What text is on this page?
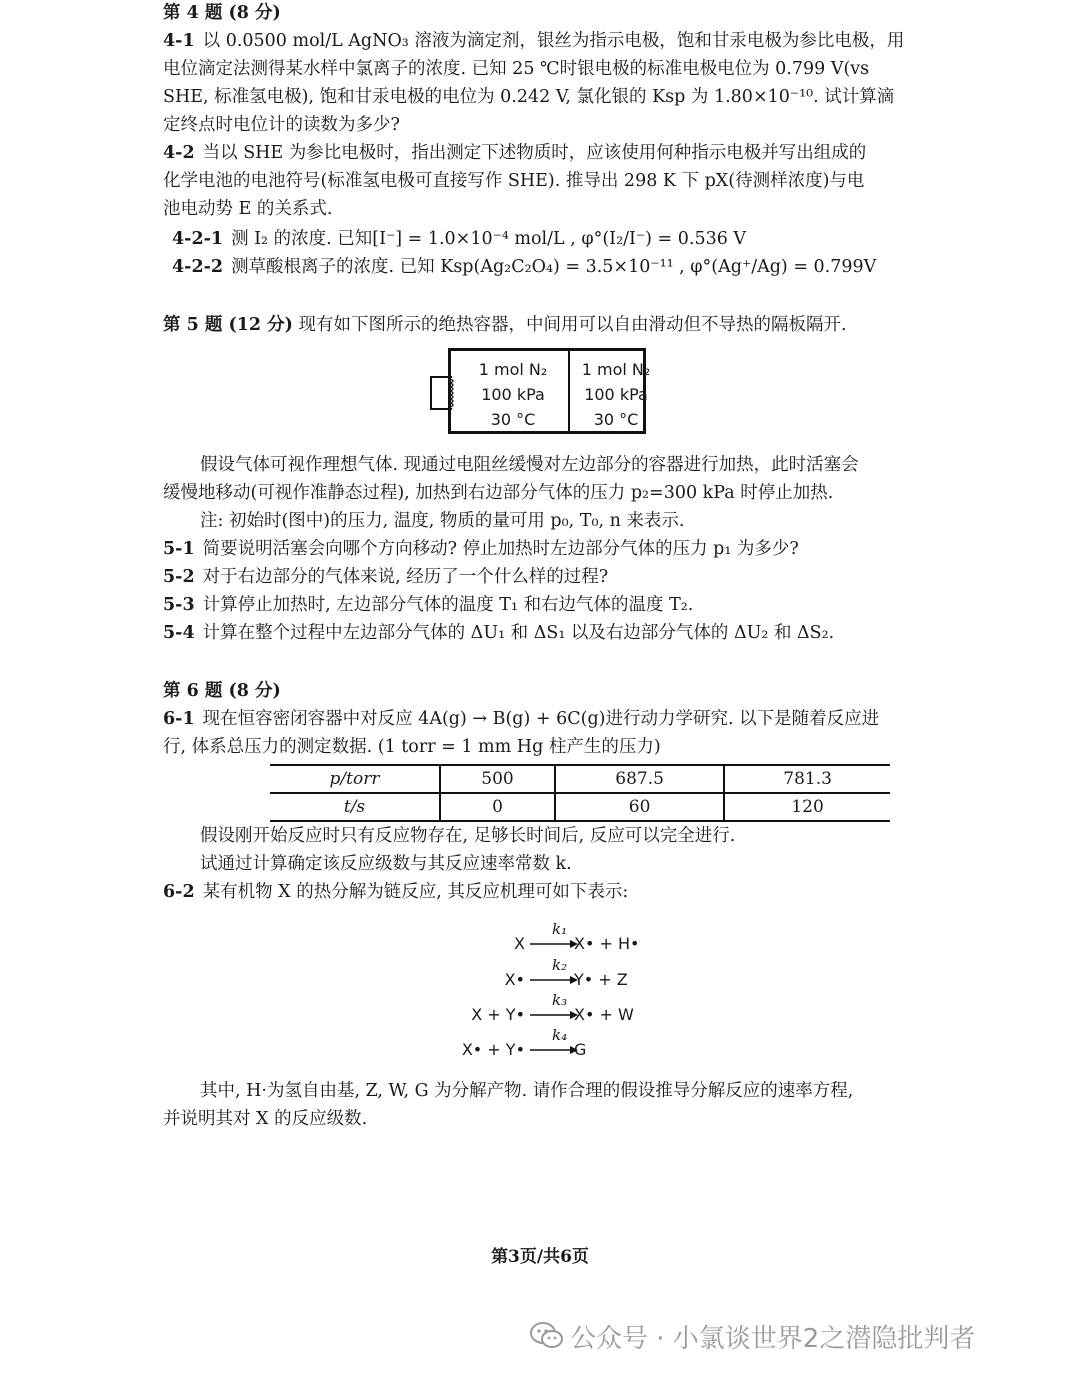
第 4 题 (8 分)
4-1 以 0.0500 mol/L AgNO₃ 溶液为滴定剂，银丝为指示电极，饱和甘汞电极为参比电极，用
电位滴定法测得某水样中氯离子的浓度. 已知 25 ℃时银电极的标准电极电位为 0.799 V(vs
SHE, 标准氢电极), 饱和甘汞电极的电位为 0.242 V, 氯化银的 Ksp 为 1.80×10⁻¹⁰. 试计算滴
定终点时电位计的读数为多少?
4-2 当以 SHE 为参比电极时，指出测定下述物质时，应该使用何种指示电极并写出组成的
化学电池的电池符号(标准氢电极可直接写作 SHE). 推导出 298 K 下 pX(待测样浓度)与电
池电动势 E 的关系式.
4-2-1 测 I₂ 的浓度. 已知[I⁻] = 1.0×10⁻⁴ mol/L , φ°(I₂/I⁻) = 0.536 V
4-2-2 测草酸根离子的浓度. 已知 Ksp(Ag₂C₂O₄) = 3.5×10⁻¹¹ , φ°(Ag⁺/Ag) = 0.799V
第 5 题 (12 分) 现有如下图所示的绝热容器，中间用可以自由滑动但不导热的隔板隔开.
1 mol N₂
100 kPa
30 °C
1 mol N₂
100 kPa
30 °C
假设气体可视作理想气体. 现通过电阻丝缓慢对左边部分的容器进行加热，此时活塞会
缓慢地移动(可视作准静态过程), 加热到右边部分气体的压力 p₂=300 kPa 时停止加热.
注: 初始时(图中)的压力, 温度, 物质的量可用 p₀, T₀, n 来表示.
5-1 简要说明活塞会向哪个方向移动? 停止加热时左边部分气体的压力 p₁ 为多少?
5-2 对于右边部分的气体来说, 经历了一个什么样的过程?
5-3 计算停止加热时, 左边部分气体的温度 T₁ 和右边气体的温度 T₂.
5-4 计算在整个过程中左边部分气体的 ΔU₁ 和 ΔS₁ 以及右边部分气体的 ΔU₂ 和 ΔS₂.
第 6 题 (8 分)
6-1 现在恒容密闭容器中对反应 4A(g) → B(g) + 6C(g)进行动力学研究. 以下是随着反应进
行, 体系总压力的测定数据. (1 torr = 1 mm Hg 柱产生的压力)
p/torr	500	687.5	781.3
t/s	0	60	120
假设刚开始反应时只有反应物存在, 足够长时间后, 反应可以完全进行.
试通过计算确定该反应级数与其反应速率常数 k.
6-2 某有机物 X 的热分解为链反应, 其反应机理可如下表示:
X
k₁
X• + H•
X•
k₂
Y• + Z
X + Y•
k₃
X• + W
X• + Y•
k₄
G
其中, H·为氢自由基, Z, W, G 为分解产物. 请作合理的假设推导分解反应的速率方程,
并说明其对 X 的反应级数.
第3页/共6页
公众号 · 小氯谈世界2之潜隐批判者
